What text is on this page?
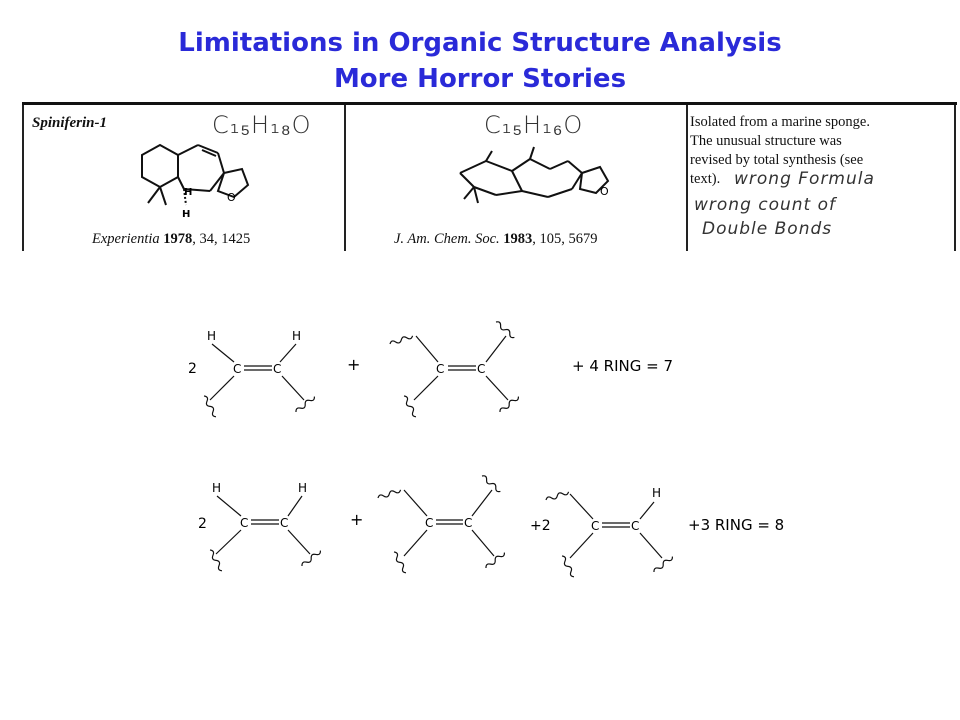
Limitations in Organic Structure Analysis
More Horror Stories
Spiniferin-1	C₁₅H₁₈O
H
H
O
Experientia 1978, 34, 1425
C₁₅H₁₆O
O
J. Am. Chem. Soc. 1983, 105, 5679
Isolated from a marine sponge.
The unusual structure was
revised by total synthesis (see
text). wrong Formula
wrong count of
Double Bonds
2
H	H
C	C	+	C	C	+ 4 RING = 7
2
H	H
C	C	+	C	C	+2
H
C	C	+3 RING = 8
